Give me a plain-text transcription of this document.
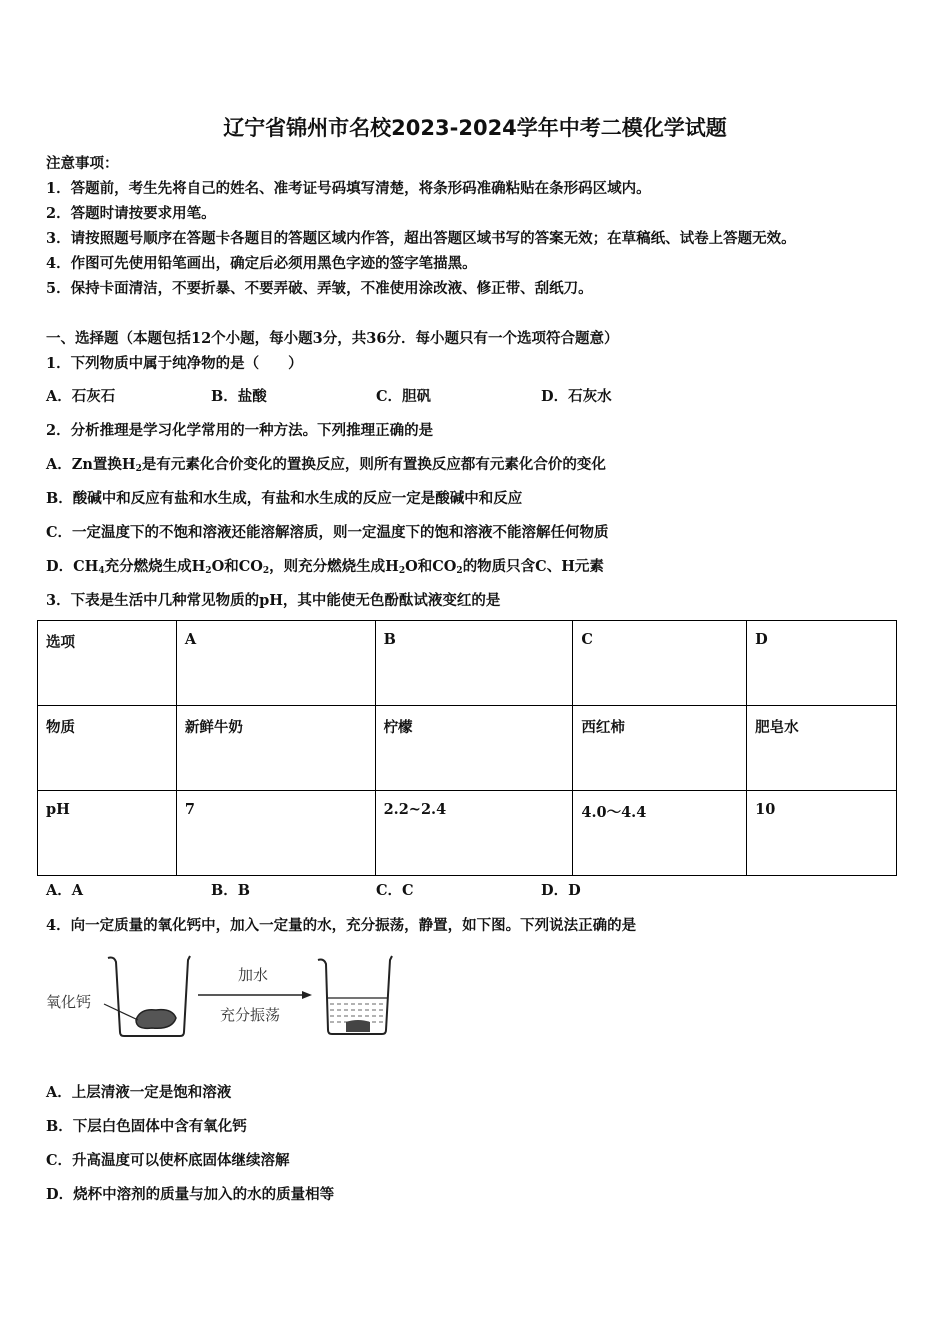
辽宁省锦州市名校2023-2024学年中考二模化学试题
注意事项：
1．答题前，考生先将自己的姓名、准考证号码填写清楚，将条形码准确粘贴在条形码区域内。
2．答题时请按要求用笔。
3．请按照题号顺序在答题卡各题目的答题区域内作答，超出答题区域书写的答案无效；在草稿纸、试卷上答题无效。
4．作图可先使用铅笔画出，确定后必须用黑色字迹的签字笔描黑。
5．保持卡面清洁，不要折暴、不要弄破、弄皱，不准使用涂改液、修正带、刮纸刀。
一、选择题（本题包括12个小题，每小题3分，共36分．每小题只有一个选项符合题意）
1．下列物质中属于纯净物的是（　　）
A．石灰石	B．盐酸	C．胆矾	D．石灰水
2．分析推理是学习化学常用的一种方法。下列推理正确的是
A．Zn置换$H_2$是有元素化合价变化的置换反应，则所有置换反应都有元素化合价的变化
B．酸碱中和反应有盐和水生成，有盐和水生成的反应一定是酸碱中和反应
C．一定温度下的不饱和溶液还能溶解溶质，则一定温度下的饱和溶液不能溶解任何物质
D．$CH_4$充分燃烧生成$H_2O$和$CO_2$，则充分燃烧生成$H_2O$和$CO_2$的物质只含C、H元素
3．下表是生活中几种常见物质的pH，其中能使无色酚酞试液变红的是
选项	A	B	C	D
物质	新鲜牛奶	柠檬	西红柿	肥皂水
pH	7	2.2~2.4	4.0～4.4	10
A．A	B．B	C．C	D．D
4．向一定质量的氧化钙中，加入一定量的水，充分振荡，静置，如下图。下列说法正确的是
氧化钙
加水
充分振荡
A．上层清液一定是饱和溶液
B．下层白色固体中含有氧化钙
C．升高温度可以使杯底固体继续溶解
D．烧杯中溶剂的质量与加入的水的质量相等
